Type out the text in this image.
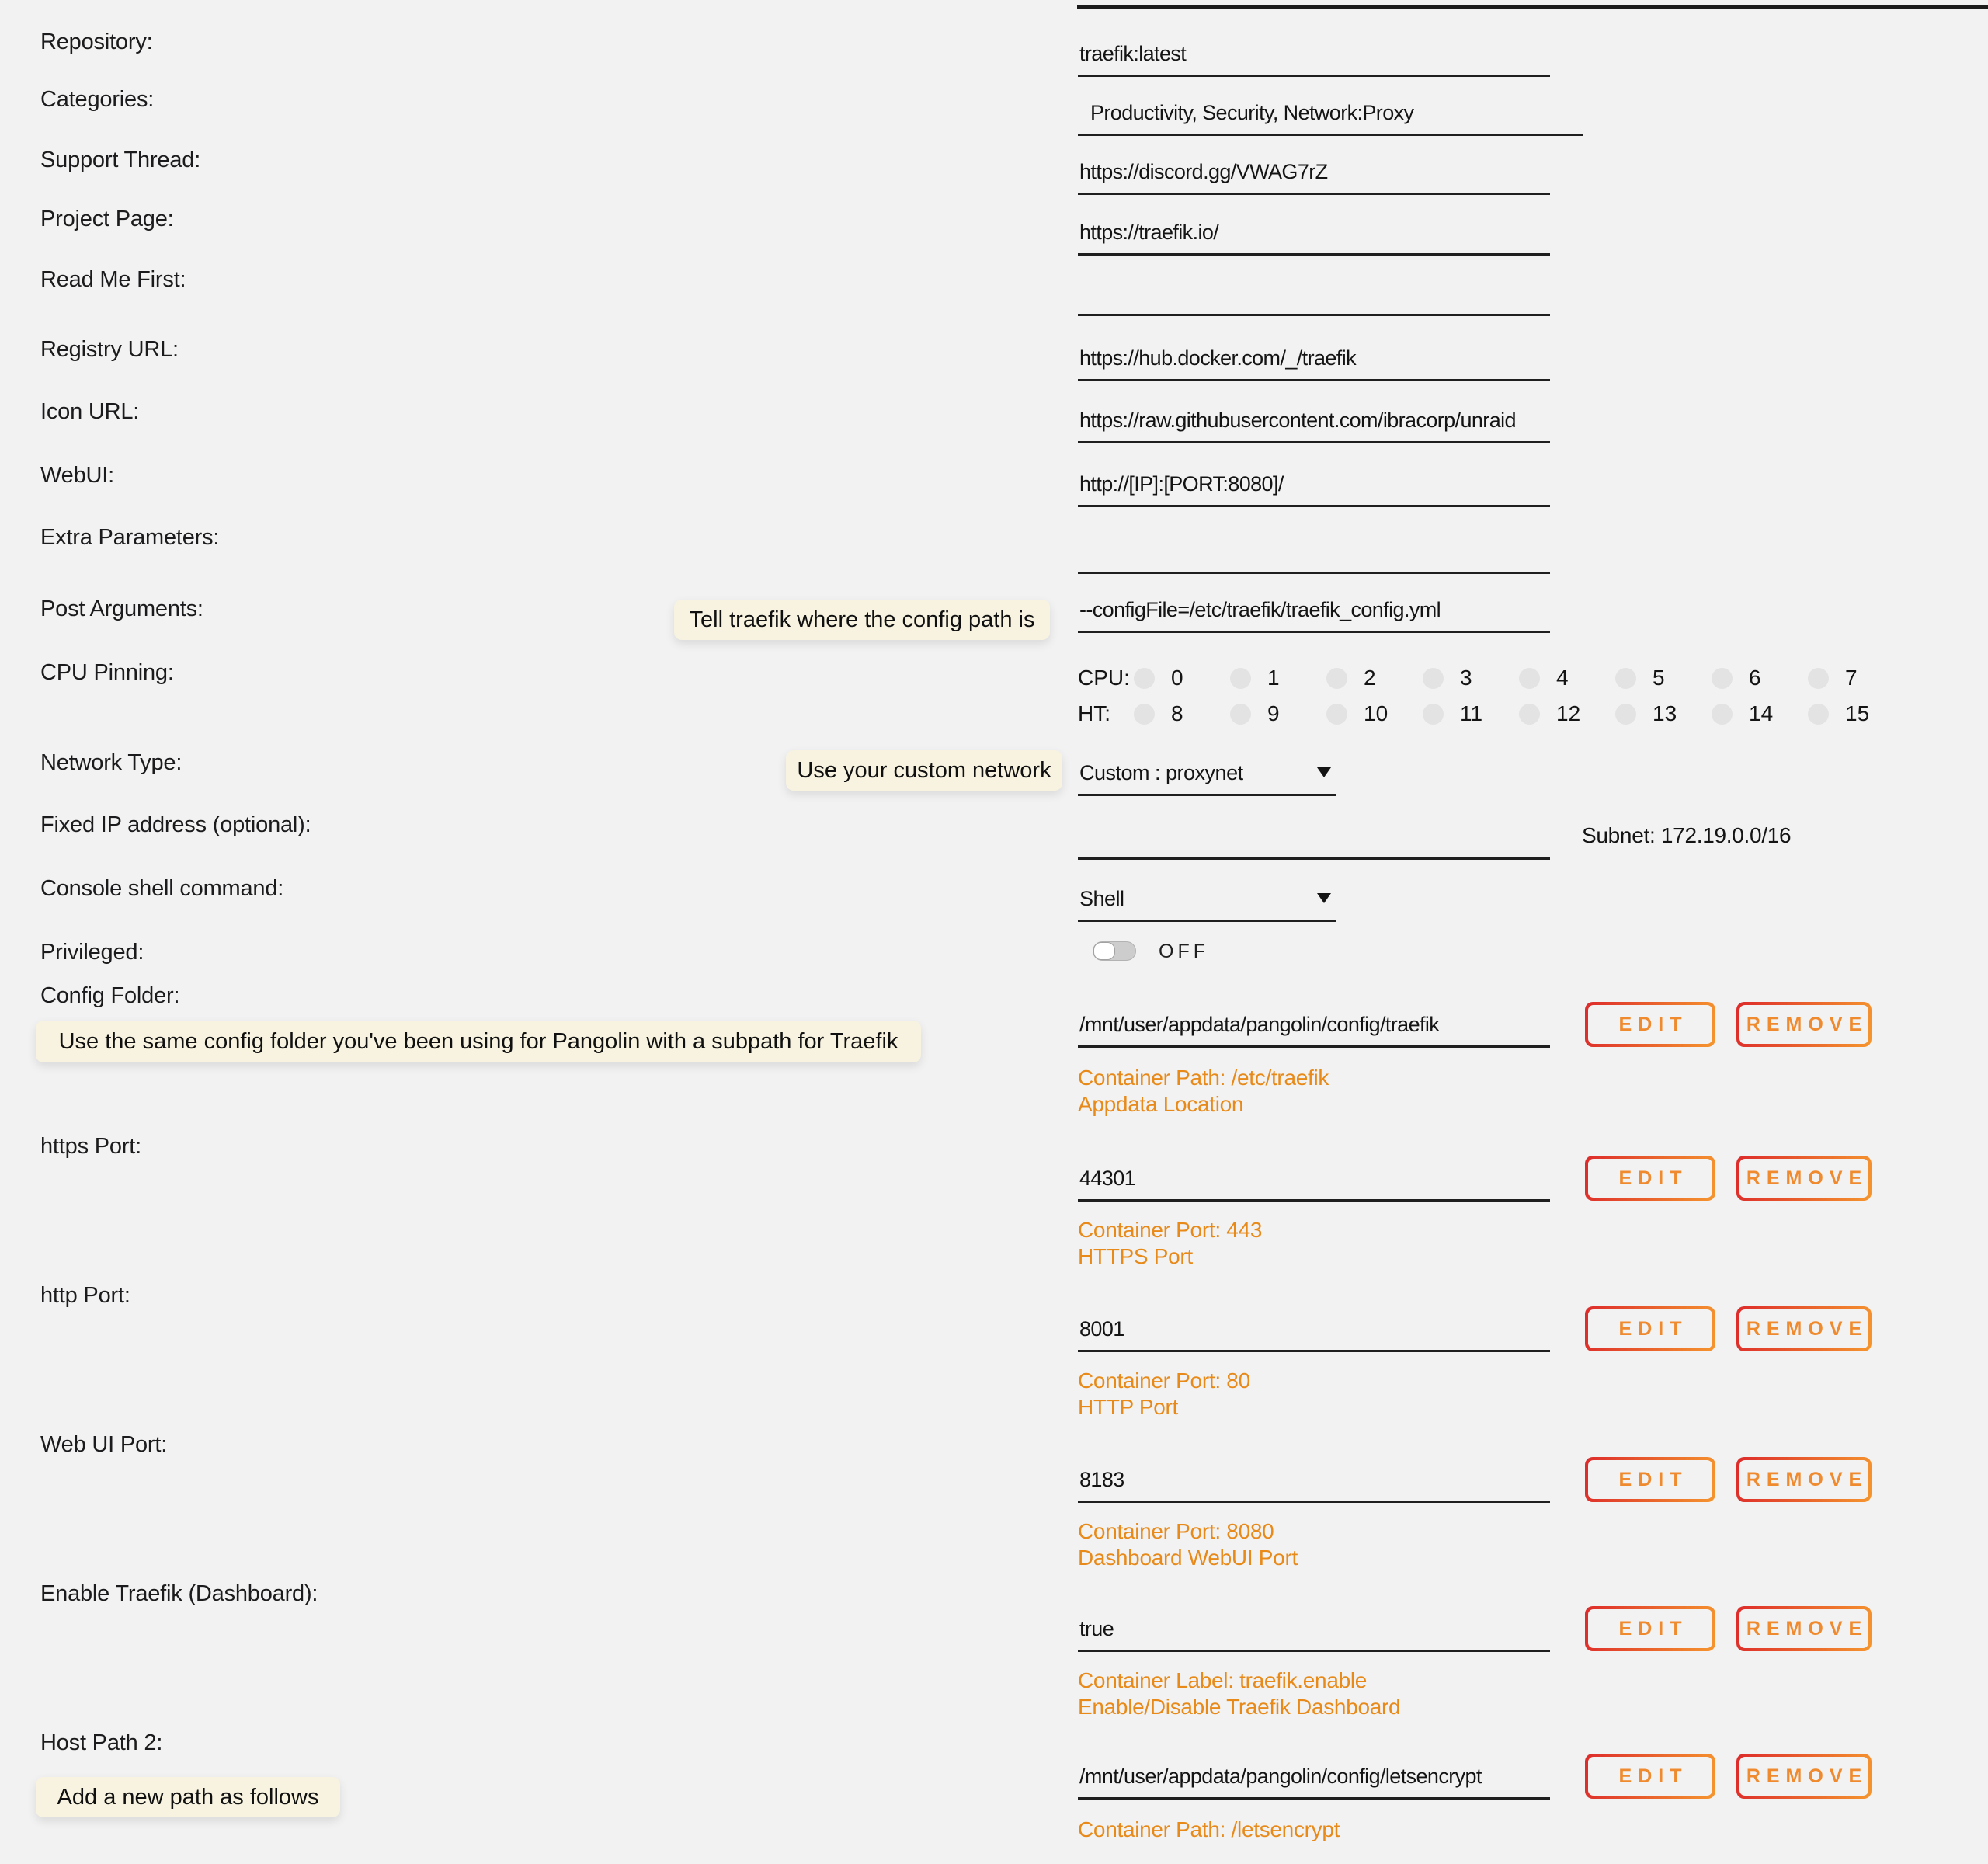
Repository:	traefik:latest
Categories:
Productivity, Security, Network:Proxy
Support Thread:	https://discord.gg/VWAG7rZ
Project Page:
https://traefik.io/
Read Me First:
Registry URL:	https://hub.docker.com/_/traefik
Icon URL:	https://raw.githubusercontent.com/ibracorp/unraid
WebUI:	http://[IP]:[PORT:8080]/
Extra Parameters:
Post Arguments:	Tell traefik where the config path is	--configFile=/etc/traefik/traefik_config.yml
CPU Pinning:	CPU: 0	1	2	3	4	5	6	7
HT:	8	9	10	11	12	13	14	15
Network Type:	Use your custom network	Custom : proxynet
Fixed IP address (optional):	Subnet: 172.19.0.0/16
Console shell command:	Shell
Privileged:	OFF
Config Folder:
Use the same config folder you've been using for Pangolin with a subpath for Traefik
/mnt/user/appdata/pangolin/config/traefik	EDIT	REMOVE
Container Path: /etc/traefik
Appdata Location
https Port:
44301	EDIT	REMOVE
Container Port: 443
HTTPS Port
http Port:
8001	EDIT	REMOVE
Container Port: 80
HTTP Port
Web UI Port:
8183	EDIT	REMOVE
Container Port: 8080
Dashboard WebUI Port
Enable Traefik (Dashboard):
true	EDIT	REMOVE
Container Label: traefik.enable
Enable/Disable Traefik Dashboard
Host Path 2:
Add a new path as follows
/mnt/user/appdata/pangolin/config/letsencrypt	EDIT	REMOVE
Container Path: /letsencrypt
